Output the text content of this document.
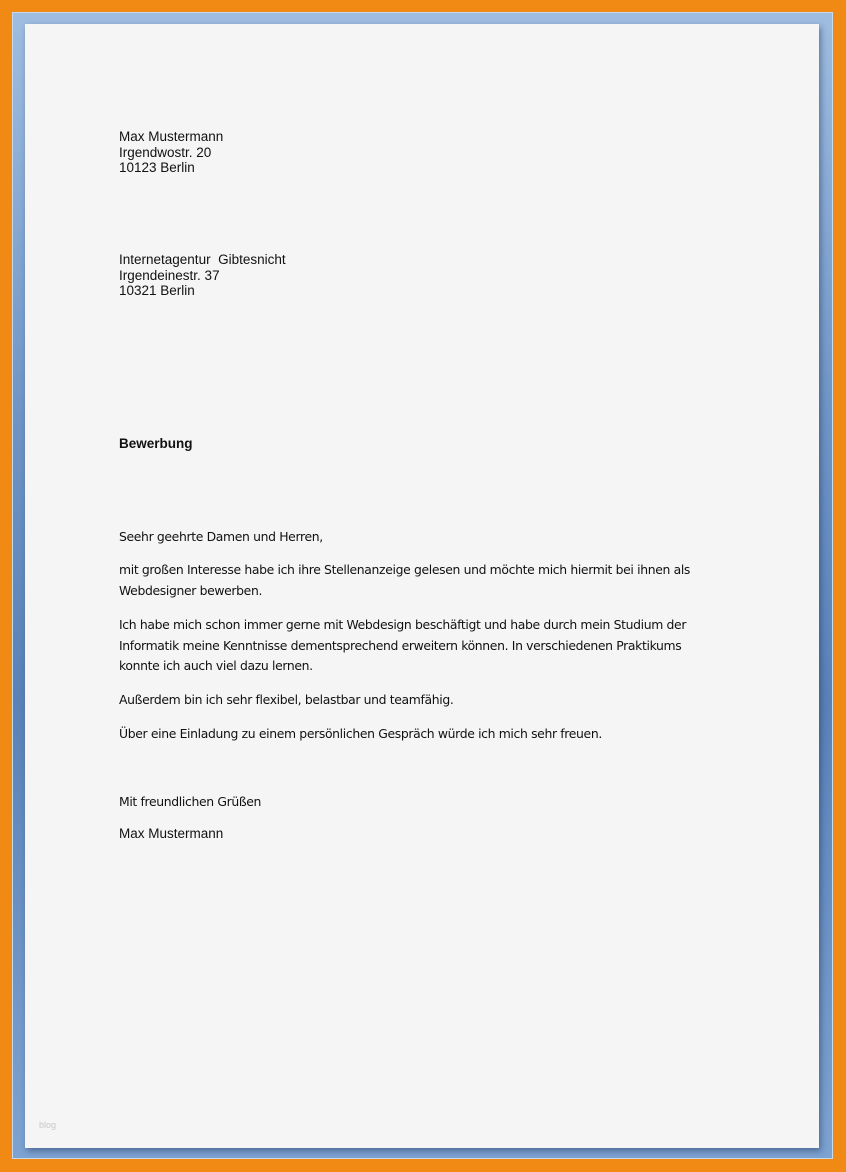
Max Mustermann
Irgendwostr. 20
10123 Berlin
Internetagentur  Gibtesnicht
Irgendeinestr. 37
10321 Berlin
Bewerbung
Seehr geehrte Damen und Herren,
mit großen Interesse habe ich ihre Stellenanzeige gelesen und möchte mich hiermit bei ihnen als Webdesigner bewerben.
Ich habe mich schon immer gerne mit Webdesign beschäftigt und habe durch mein Studium der Informatik meine Kenntnisse dementsprechend erweitern können. In verschiedenen Praktikums konnte ich auch viel dazu lernen.
Außerdem bin ich sehr flexibel, belastbar und teamfähig.
Über eine Einladung zu einem persönlichen Gespräch würde ich mich sehr freuen.
Mit freundlichen Grüßen
Max Mustermann
blog
